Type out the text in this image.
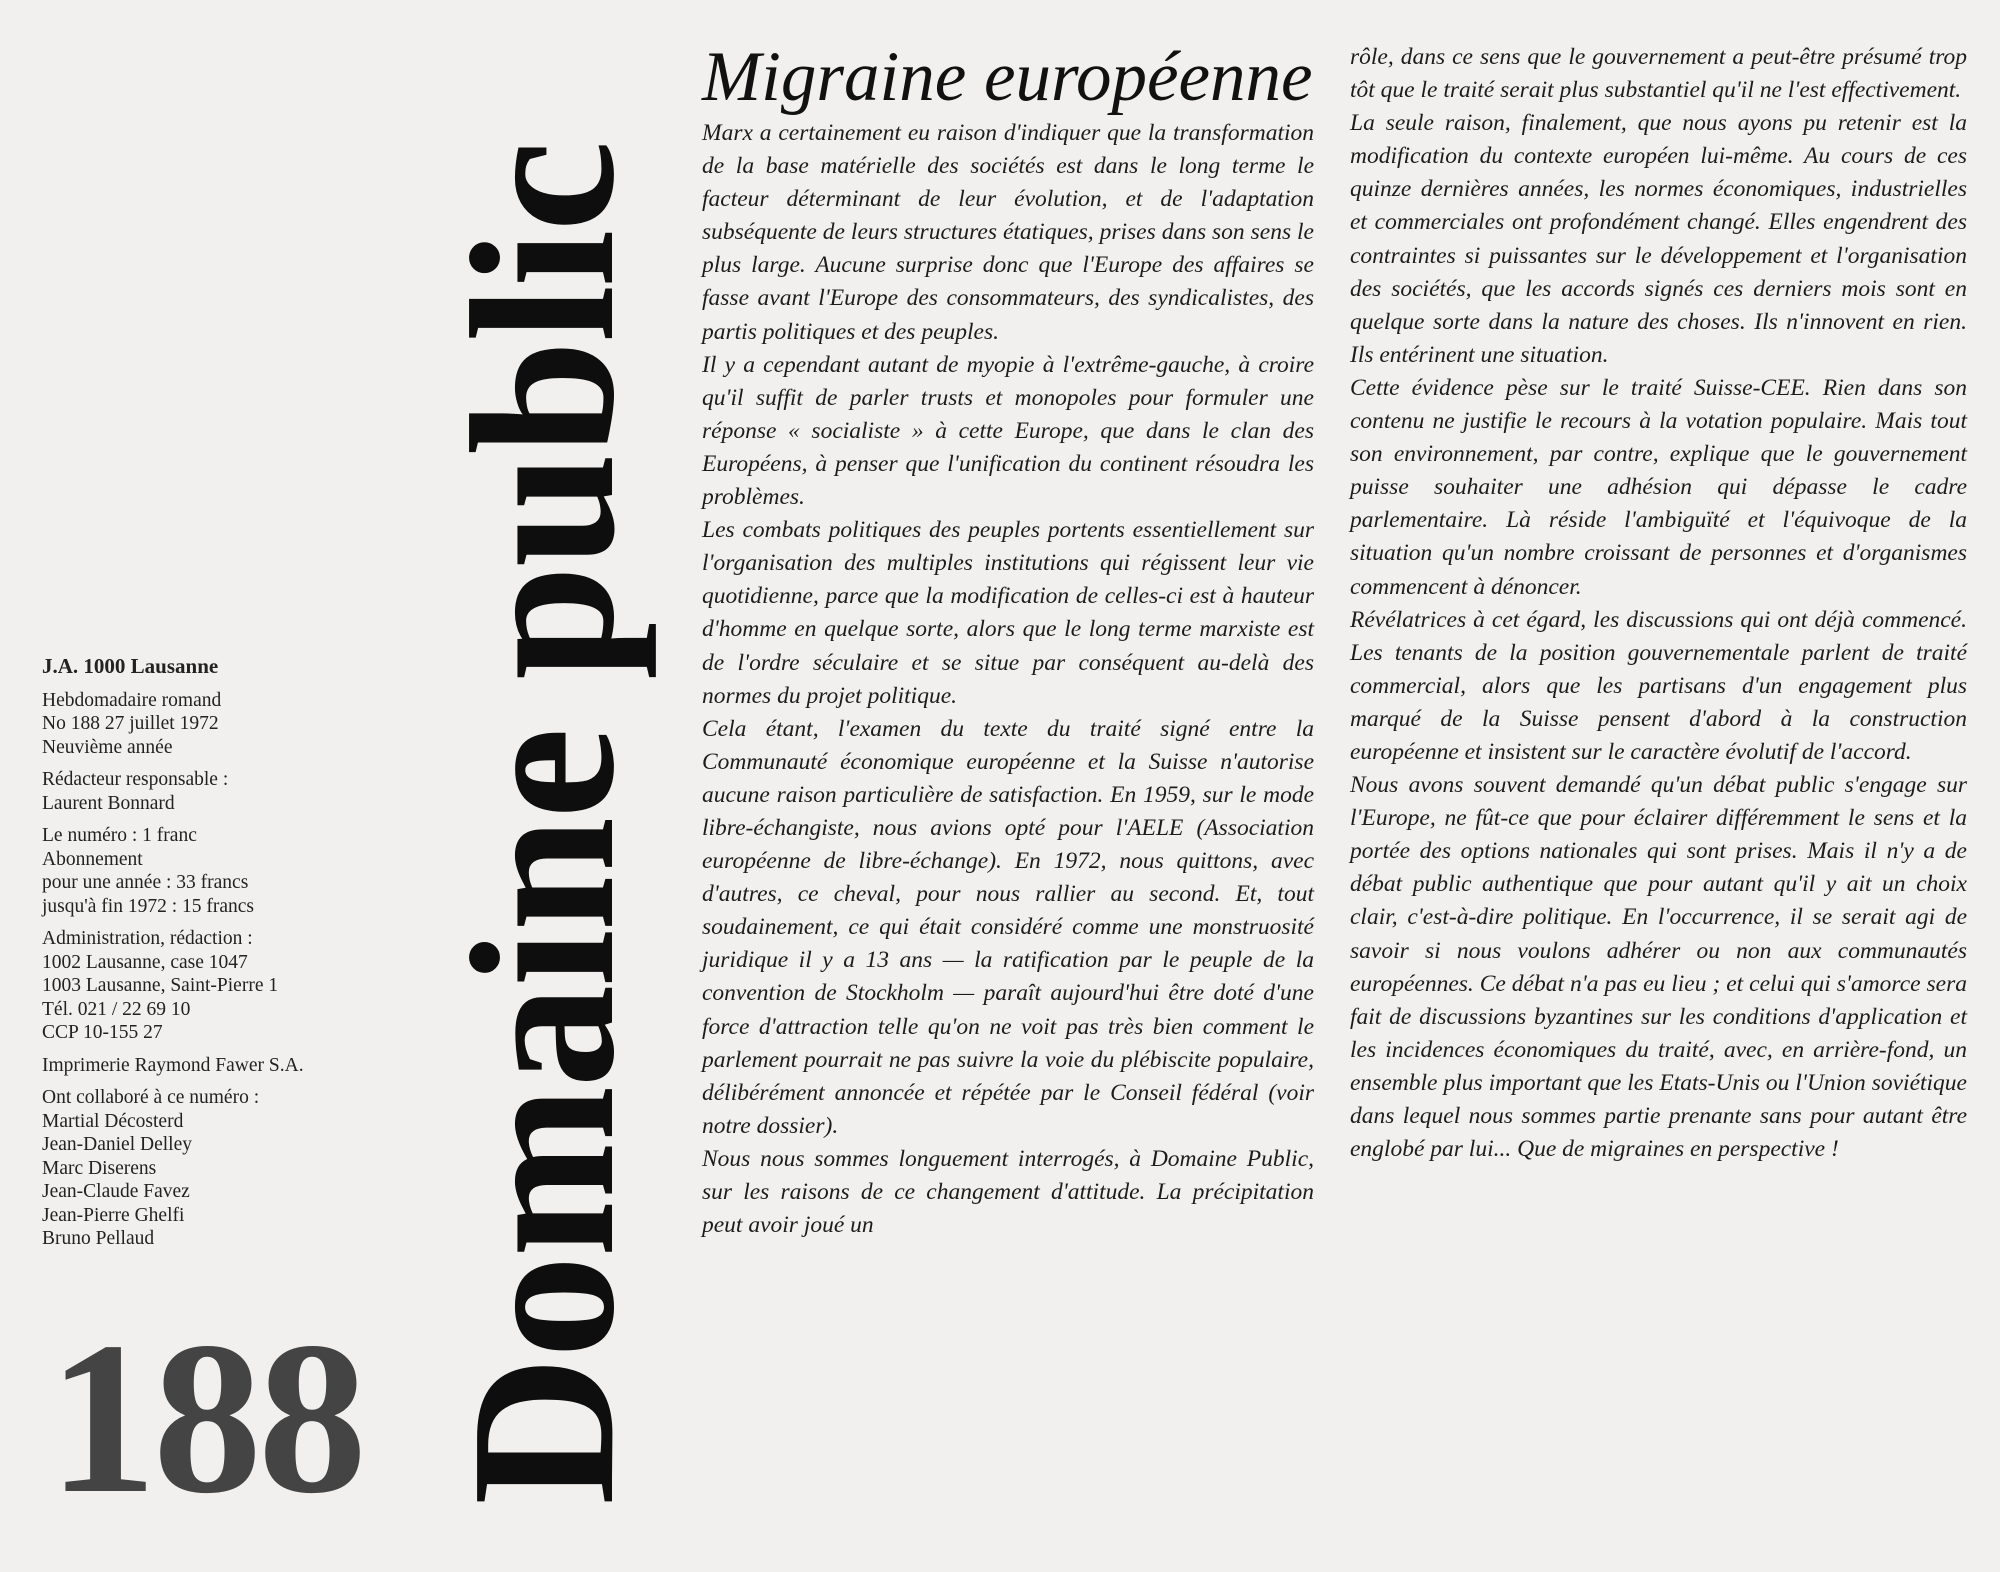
Domaine public
J.A. 1000 Lausanne
Hebdomadaire romand
No 188 27 juillet 1972
Neuvième année
Rédacteur responsable :
Laurent Bonnard
Le numéro : 1 franc
Abonnement
pour une année : 33 francs
jusqu'à fin 1972 : 15 francs
Administration, rédaction :
1002 Lausanne, case 1047
1003 Lausanne, Saint-Pierre 1
Tél. 021 / 22 69 10
CCP 10-155 27
Imprimerie Raymond Fawer S.A.
Ont collaboré à ce numéro :
Martial Décosterd
Jean-Daniel Delley
Marc Diserens
Jean-Claude Favez
Jean-Pierre Ghelfi
Bruno Pellaud
188
Migraine européenne

Marx a certainement eu raison d'indiquer que la transformation de la base matérielle des sociétés est dans le long terme le facteur déterminant de leur évolution, et de l'adaptation subséquente de leurs structures étatiques, prises dans son sens le plus large. Aucune surprise donc que l'Europe des affaires se fasse avant l'Europe des consommateurs, des syndicalistes, des partis politiques et des peuples.

Il y a cependant autant de myopie à l'extrême-gauche, à croire qu'il suffit de parler trusts et monopoles pour formuler une réponse « socialiste » à cette Europe, que dans le clan des Européens, à penser que l'unification du continent résoudra les problèmes.

Les combats politiques des peuples portents essentiellement sur l'organisation des multiples institutions qui régissent leur vie quotidienne, parce que la modification de celles-ci est à hauteur d'homme en quelque sorte, alors que le long terme marxiste est de l'ordre séculaire et se situe par conséquent au-delà des normes du projet politique.

Cela étant, l'examen du texte du traité signé entre la Communauté économique européenne et la Suisse n'autorise aucune raison particulière de satisfaction. En 1959, sur le mode libre-échangiste, nous avions opté pour l'AELE (Association européenne de libre-échange). En 1972, nous quittons, avec d'autres, ce cheval, pour nous rallier au second. Et, tout soudainement, ce qui était considéré comme une monstruosité juridique il y a 13 ans — la ratification par le peuple de la convention de Stockholm — paraît aujourd'hui être doté d'une force d'attraction telle qu'on ne voit pas très bien comment le parlement pourrait ne pas suivre la voie du plébiscite populaire, délibérément annoncée et répétée par le Conseil fédéral (voir notre dossier).

Nous nous sommes longuement interrogés, à Domaine Public, sur les raisons de ce changement d'attitude. La précipitation peut avoir joué un

rôle, dans ce sens que le gouvernement a peut-être présumé trop tôt que le traité serait plus substantiel qu'il ne l'est effectivement.

La seule raison, finalement, que nous ayons pu retenir est la modification du contexte européen lui-même. Au cours de ces quinze dernières années, les normes économiques, industrielles et commerciales ont profondément changé. Elles engendrent des contraintes si puissantes sur le développement et l'organisation des sociétés, que les accords signés ces derniers mois sont en quelque sorte dans la nature des choses. Ils n'innovent en rien. Ils entérinent une situation.

Cette évidence pèse sur le traité Suisse-CEE. Rien dans son contenu ne justifie le recours à la votation populaire. Mais tout son environnement, par contre, explique que le gouvernement puisse souhaiter une adhésion qui dépasse le cadre parlementaire. Là réside l'ambiguïté et l'équivoque de la situation qu'un nombre croissant de personnes et d'organismes commencent à dénoncer.

Révélatrices à cet égard, les discussions qui ont déjà commencé. Les tenants de la position gouvernementale parlent de traité commercial, alors que les partisans d'un engagement plus marqué de la Suisse pensent d'abord à la construction européenne et insistent sur le caractère évolutif de l'accord.

Nous avons souvent demandé qu'un débat public s'engage sur l'Europe, ne fût-ce que pour éclairer différemment le sens et la portée des options nationales qui sont prises. Mais il n'y a de débat public authentique que pour autant qu'il y ait un choix clair, c'est-à-dire politique. En l'occurrence, il se serait agi de savoir si nous voulons adhérer ou non aux communautés européennes. Ce débat n'a pas eu lieu ; et celui qui s'amorce sera fait de discussions byzantines sur les conditions d'application et les incidences économiques du traité, avec, en arrière-fond, un ensemble plus important que les Etats-Unis ou l'Union soviétique dans lequel nous sommes partie prenante sans pour autant être englobé par lui... Que de migraines en perspective !
